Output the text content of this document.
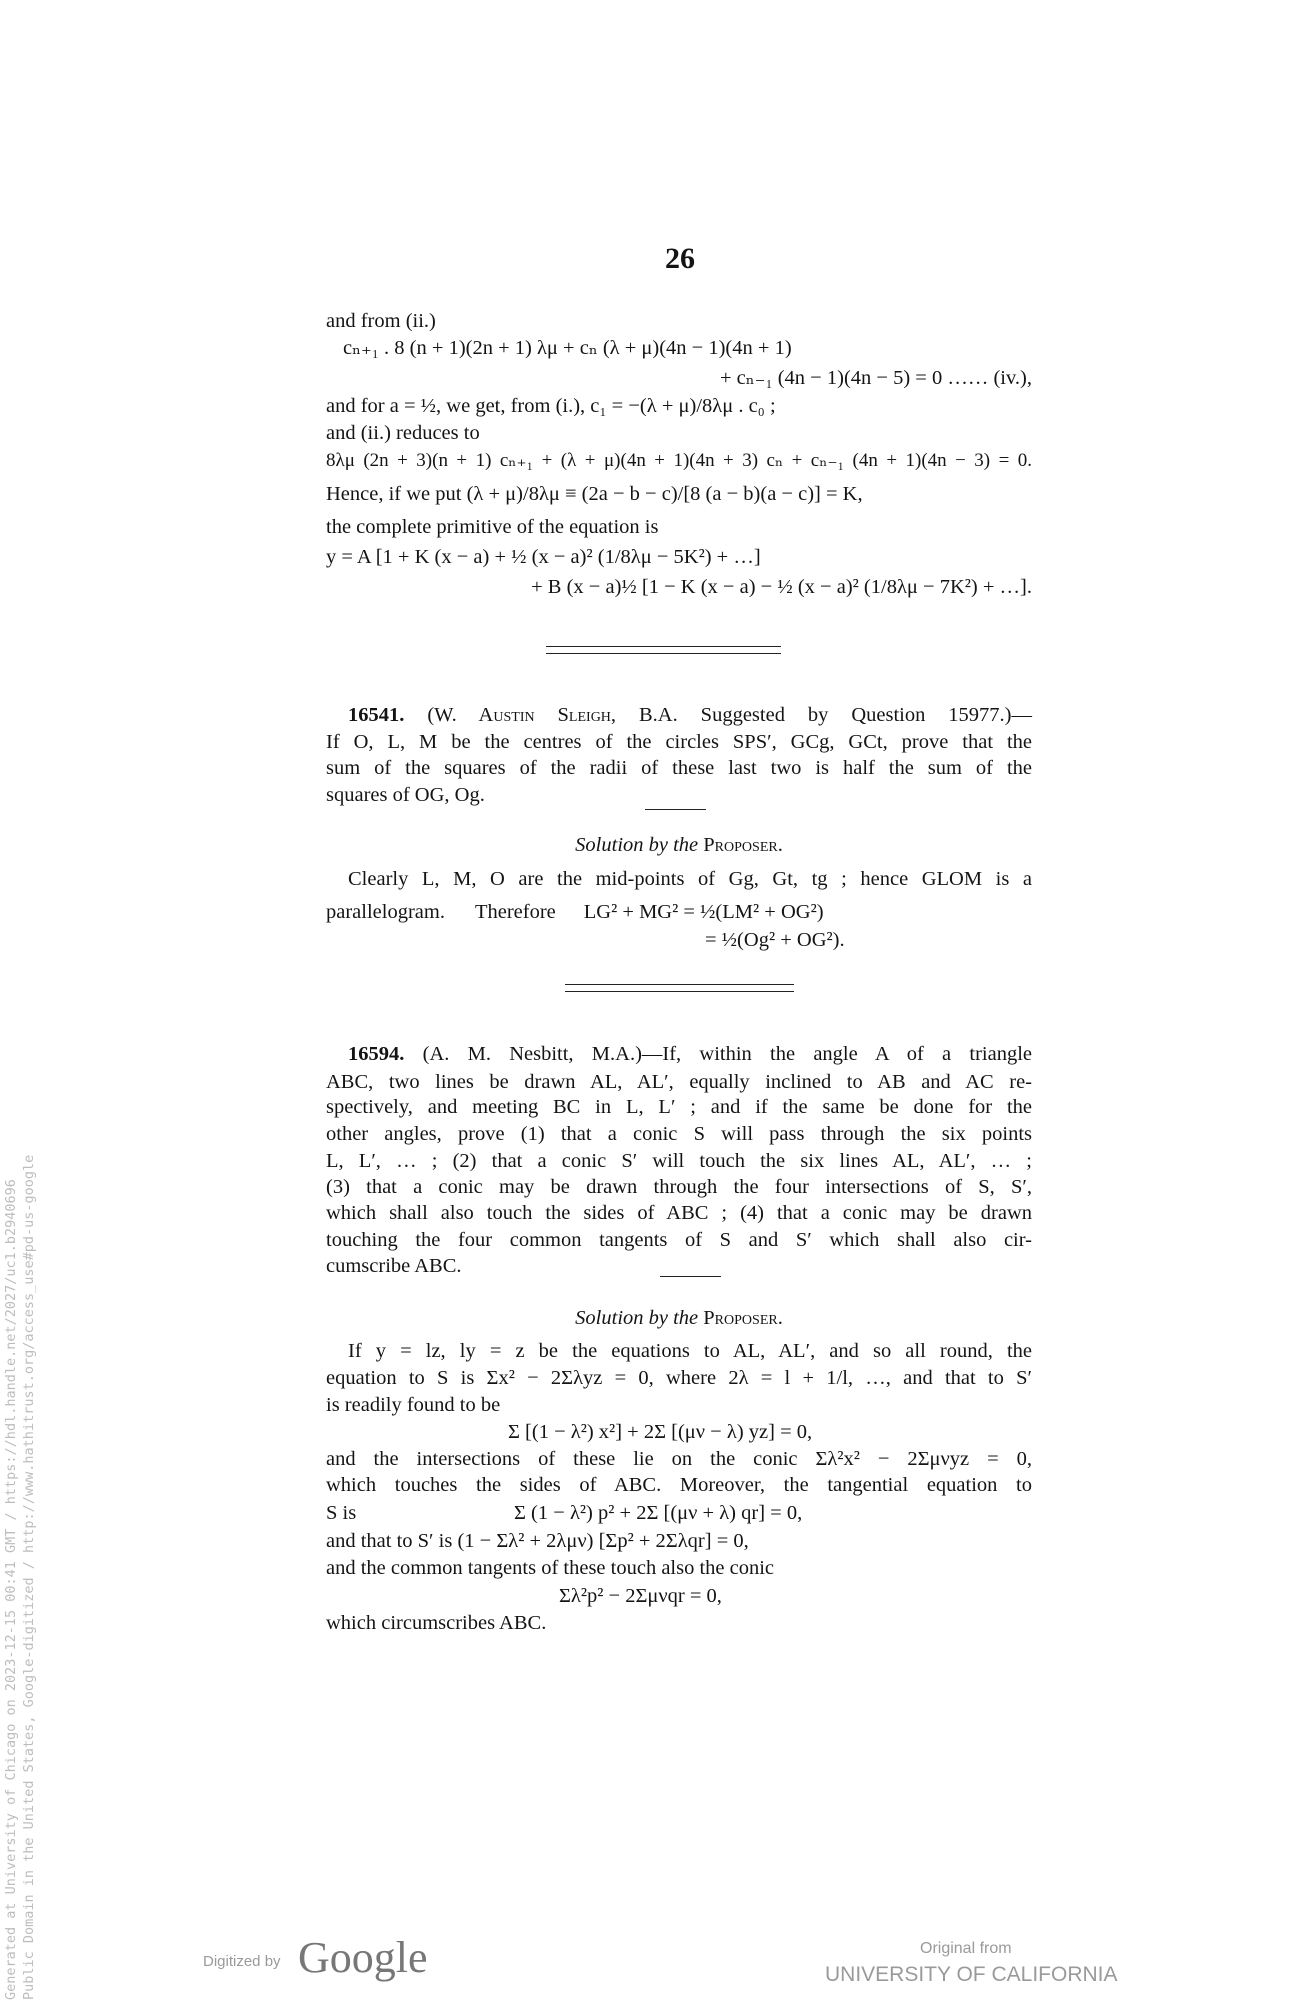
26
and from (ii.)
cₙ₊₁ . 8 (n + 1)(2n + 1) λμ + cₙ (λ + μ)(4n − 1)(4n + 1)
+ cₙ₋₁ (4n − 1)(4n − 5) = 0 …… (iv.),
and for a = ½, we get, from (i.), c₁ = −(λ + μ)/8λμ . c₀ ;
and (ii.) reduces to
8λμ (2n + 3)(n + 1) cₙ₊₁ + (λ + μ)(4n + 1)(4n + 3) cₙ + cₙ₋₁ (4n + 1)(4n − 3) = 0.
Hence, if we put (λ + μ)/8λμ ≡ (2a − b − c)/[8 (a − b)(a − c)] = K,
the complete primitive of the equation is
y = A [1 + K (x − a) + ½ (x − a)² (1/8λμ − 5K²) + …]
+ B (x − a)½ [1 − K (x − a) − ½ (x − a)² (1/8λμ − 7K²) + …].
16541. (W. Austin Sleigh, B.A. Suggested by Question 15977.)—
If O, L, M be the centres of the circles SPS′, GCg, GCt, prove that the
sum of the squares of the radii of these last two is half the sum of the
squares of OG, Og.
Solution by the Proposer.
Clearly L, M, O are the mid-points of Gg, Gt, tg ; hence GLOM is a
parallelogram. Therefore LG² + MG² = ½(LM² + OG²)
= ½(Og² + OG²).
16594. (A. M. Nesbitt, M.A.)—If, within the angle A of a triangle
ABC, two lines be drawn AL, AL′, equally inclined to AB and AC re-
spectively, and meeting BC in L, L′ ; and if the same be done for the
other angles, prove (1) that a conic S will pass through the six points
L, L′, … ; (2) that a conic S′ will touch the six lines AL, AL′, … ;
(3) that a conic may be drawn through the four intersections of S, S′,
which shall also touch the sides of ABC ; (4) that a conic may be drawn
touching the four common tangents of S and S′ which shall also cir-
cumscribe ABC.
Solution by the Proposer.
If y = lz, ly = z be the equations to AL, AL′, and so all round, the
equation to S is Σx² − 2Σλyz = 0, where 2λ = l + 1/l, …, and that to S′
is readily found to be
Σ [(1 − λ²) x²] + 2Σ [(μν − λ) yz] = 0,
and the intersections of these lie on the conic Σλ²x² − 2Σμνyz = 0,
which touches the sides of ABC. Moreover, the tangential equation to
S is	Σ (1 − λ²) p² + 2Σ [(μν + λ) qr] = 0,
and that to S′ is (1 − Σλ² + 2λμν) [Σp² + 2Σλqr] = 0,
and the common tangents of these touch also the conic
Σλ²p² − 2Σμνqr = 0,
which circumscribes ABC.
Generated at University of Chicago on 2023-12-15 00:41 GMT / https://hdl.handle.net/2027/uc1.b2940696 Public Domain in the United States, Google-digitized / http://www.hathitrust.org/access_use#pd-us-google	Digitized by Google	Original from
UNIVERSITY OF CALIFORNIA
